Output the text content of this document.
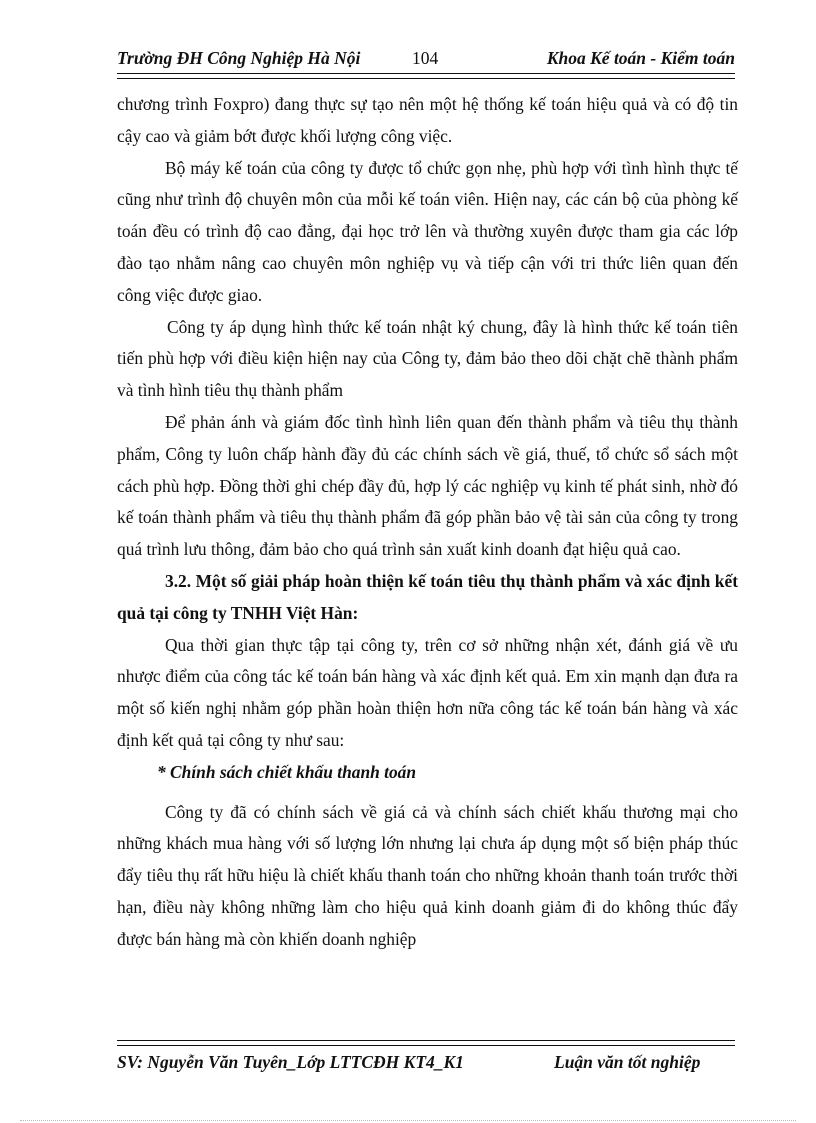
Trường ĐH Công Nghiệp Hà Nội	104	Khoa Kế toán - Kiểm toán

chương trình Foxpro) đang thực sự tạo nên một hệ thống kế toán hiệu quả và có độ tin cậy cao và giảm bớt được khối lượng công việc.

Bộ máy kế toán của công ty được tổ chức gọn nhẹ, phù hợp với tình hình thực tế cũng như trình độ chuyên môn của mỗi kế toán viên. Hiện nay, các cán bộ của phòng kế toán đều có trình độ cao đẳng, đại học trở lên và thường xuyên được tham gia các lớp đào tạo nhằm nâng cao chuyên môn nghiệp vụ và tiếp cận với tri thức liên quan đến công việc được giao.

Công ty áp dụng hình thức kế toán nhật ký chung, đây là hình thức kế toán tiên tiến phù hợp với điều kiện hiện nay của Công ty, đảm bảo theo dõi chặt chẽ thành phẩm và tình hình tiêu thụ thành phẩm

Để phản ánh và giám đốc tình hình liên quan đến thành phẩm và tiêu thụ thành phẩm, Công ty luôn chấp hành đầy đủ các chính sách về giá, thuế, tổ chức sổ sách một cách phù hợp. Đồng thời ghi chép đầy đủ, hợp lý các nghiệp vụ kinh tế phát sinh, nhờ đó kế toán thành phẩm và tiêu thụ thành phẩm đã góp phần bảo vệ tài sản của công ty trong quá trình lưu thông, đảm bảo cho quá trình sản xuất kinh doanh đạt hiệu quả cao.

3.2. Một số giải pháp hoàn thiện kế toán tiêu thụ thành phẩm và xác định kết quả tại công ty TNHH Việt Hàn:

Qua thời gian thực tập tại công ty, trên cơ sở những nhận xét, đánh giá về ưu nhược điểm của công tác kế toán bán hàng và xác định kết quả. Em xin mạnh dạn đưa ra một số kiến nghị nhằm góp phần hoàn thiện hơn nữa công tác kế toán bán hàng và xác định kết quả tại công ty như sau:

* Chính sách chiết khấu thanh toán

Công ty đã có chính sách về giá cả và chính sách chiết khấu thương mại cho những khách mua hàng với số lượng lớn nhưng lại chưa áp dụng một số biện pháp thúc đẩy tiêu thụ rất hữu hiệu là chiết khấu thanh toán cho những khoản thanh toán trước thời hạn, điều này không những làm cho hiệu quả kinh doanh giảm đi do không thúc đẩy được bán hàng mà còn khiến doanh nghiệp

SV: Nguyễn Văn Tuyên_Lớp LTTCĐH KT4_K1	Luận văn tốt nghiệp
